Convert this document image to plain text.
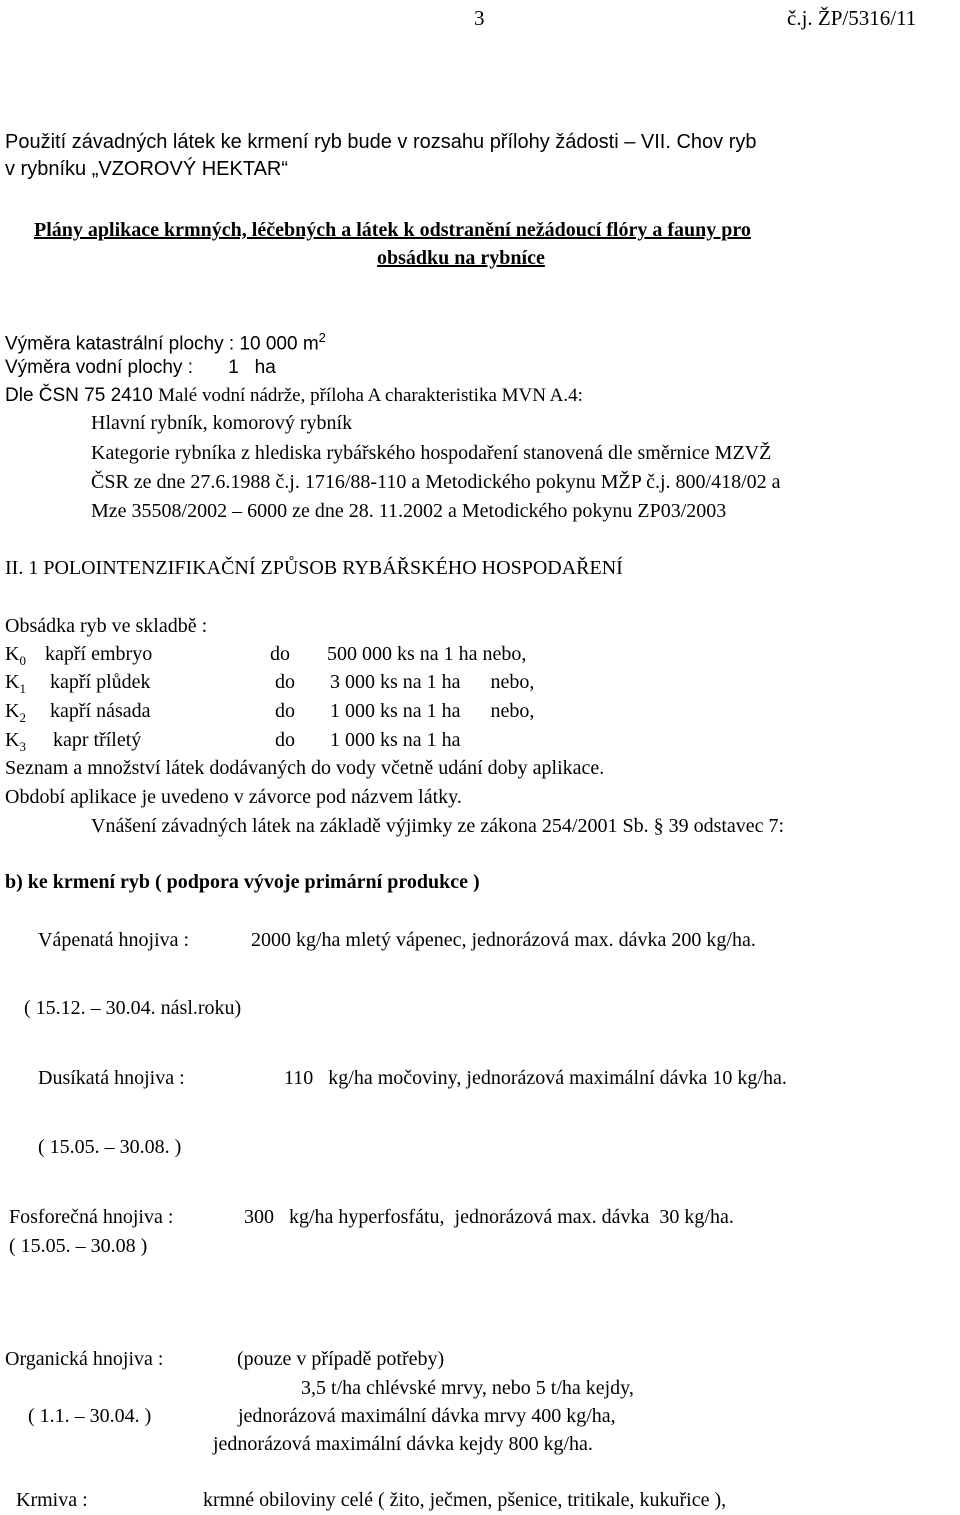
3	č.j. ŽP/5316/11
Použití závadných látek ke krmení ryb bude v rozsahu přílohy žádosti – VII. Chov ryb
v rybníku „VZOROVÝ HEKTAR“
Plány aplikace krmných, léčebných a látek k odstranění nežádoucí flóry a fauny pro
obsádku na rybníce
Výměra katastrální plochy : 10 000 $m^2$
Výměra vodní plochy : 1   ha
Dle ČSN 75 2410 Malé vodní nádrže, příloha A charakteristika MVN A.4:
Hlavní rybník, komorový rybník
Kategorie rybníka z hlediska rybářského hospodaření stanovená dle směrnice MZVŽ
ČSR ze dne 27.6.1988 č.j. 1716/88-110 a Metodického pokynu MŽP č.j. 800/418/02 a
Mze 35508/2002 – 6000 ze dne 28. 11.2002 a Metodického pokynu ZP03/2003
II. 1 POLOINTENZIFIKAČNÍ ZPŮSOB RYBÁŘSKÉHO HOSPODAŘENÍ
Obsádka ryb ve skladbě :
$K_0$ kapří embryo	do 500 000 ks na 1 ha nebo,
$K_1$ kapří plůdek	do 3 000 ks na 1 ha      nebo,
$K_2$ kapří násada	do 1 000 ks na 1 ha      nebo,
$K_3$ kapr tříletý	do 1 000 ks na 1 ha
Seznam a množství látek dodávaných do vody včetně udání doby aplikace.
Období aplikace je uvedeno v závorce pod názvem látky.
Vnášení závadných látek na základě výjimky ze zákona 254/2001 Sb. § 39 odstavec 7:
b) ke krmení ryb ( podpora vývoje primární produkce )
Vápenatá hnojiva :	2000 kg/ha mletý vápenec, jednorázová max. dávka 200 kg/ha.
( 15.12. – 30.04. násl.roku)
Dusíkatá hnojiva :	110   kg/ha močoviny, jednorázová maximální dávka 10 kg/ha.
( 15.05. – 30.08. )
Fosforečná hnojiva :	300   kg/ha hyperfosfátu,  jednorázová max. dávka  30 kg/ha.
( 15.05. – 30.08 )
Organická hnojiva :	(pouze v případě potřeby)
3,5 t/ha chlévské mrvy, nebo 5 t/ha kejdy,
( 1.1. – 30.04. )	jednorázová maximální dávka mrvy 400 kg/ha,
jednorázová maximální dávka kejdy 800 kg/ha.
Krmiva :	krmné obiloviny celé ( žito, ječmen, pšenice, tritikale, kukuřice ),
